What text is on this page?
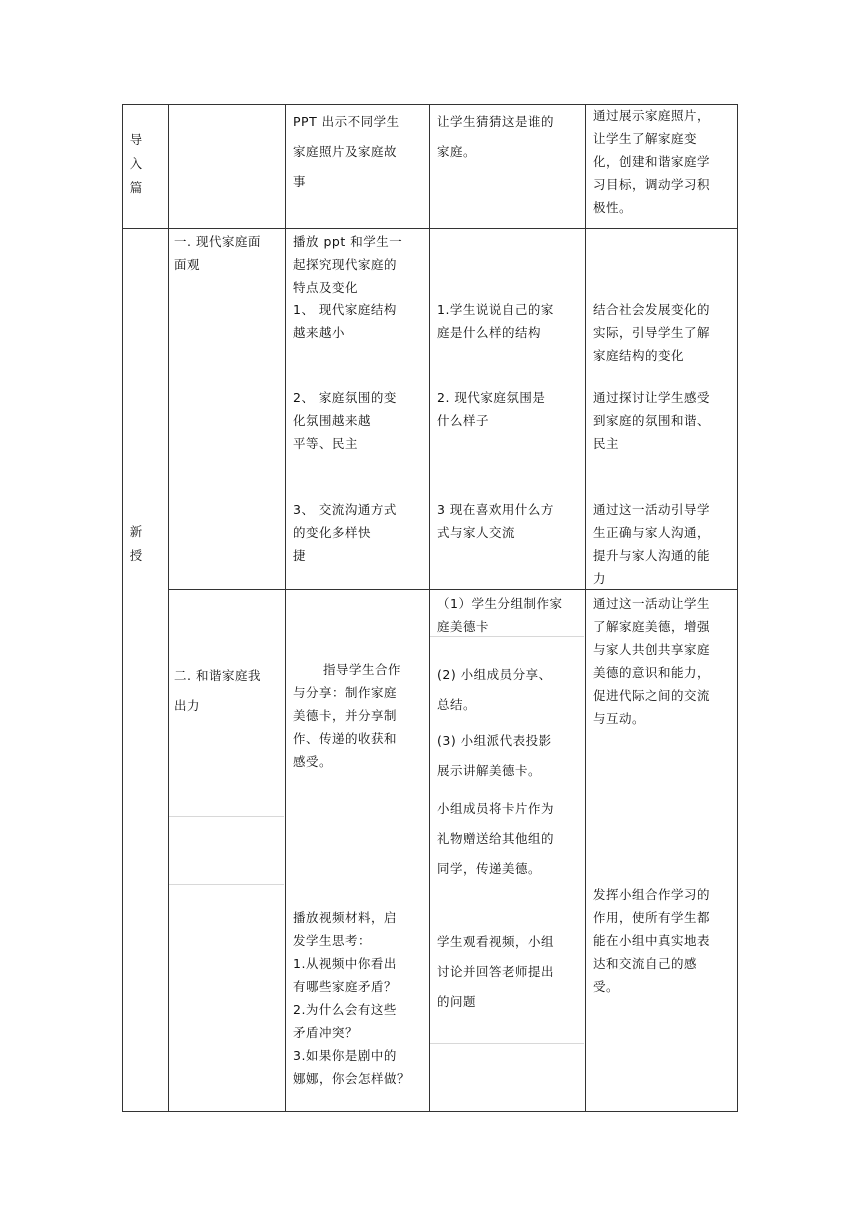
导
入
篇
PPT 出示不同学生
家庭照片及家庭故
事
让学生猜猜这是谁的
家庭。
通过展示家庭照片，
让学生了解家庭变
化，创建和谐家庭学
习目标，调动学习积
极性。
新
授
一. 现代家庭面
面观
播放 ppt 和学生一
起探究现代家庭的
特点及变化
1、 现代家庭结构
越来越小
1.学生说说自己的家
庭是什么样的结构
结合社会发展变化的
实际，引导学生了解
家庭结构的变化
2、 家庭氛围的变
化氛围越来越
平等、民主
2. 现代家庭氛围是
什么样子
通过探讨让学生感受
到家庭的氛围和谐、
民主
3、 交流沟通方式
的变化多样快
捷
3 现在喜欢用什么方
式与家人交流
通过这一活动引导学
生正确与家人沟通，
提升与家人沟通的能
力
二. 和谐家庭我
出力
指导学生合作
与分享：制作家庭
美德卡，并分享制
作、传递的收获和
感受。
（1）学生分组制作家
庭美德卡
(2) 小组成员分享、
总结。
(3) 小组派代表投影
展示讲解美德卡。
小组成员将卡片作为
礼物赠送给其他组的
同学，传递美德。
通过这一活动让学生
了解家庭美德，增强
与家人共创共享家庭
美德的意识和能力，
促进代际之间的交流
与互动。
播放视频材料，启
发学生思考：
1.从视频中你看出
有哪些家庭矛盾？
2.为什么会有这些
矛盾冲突？
3.如果你是剧中的
娜娜，你会怎样做？
学生观看视频，小组
讨论并回答老师提出
的问题
发挥小组合作学习的
作用，使所有学生都
能在小组中真实地表
达和交流自己的感
受。
